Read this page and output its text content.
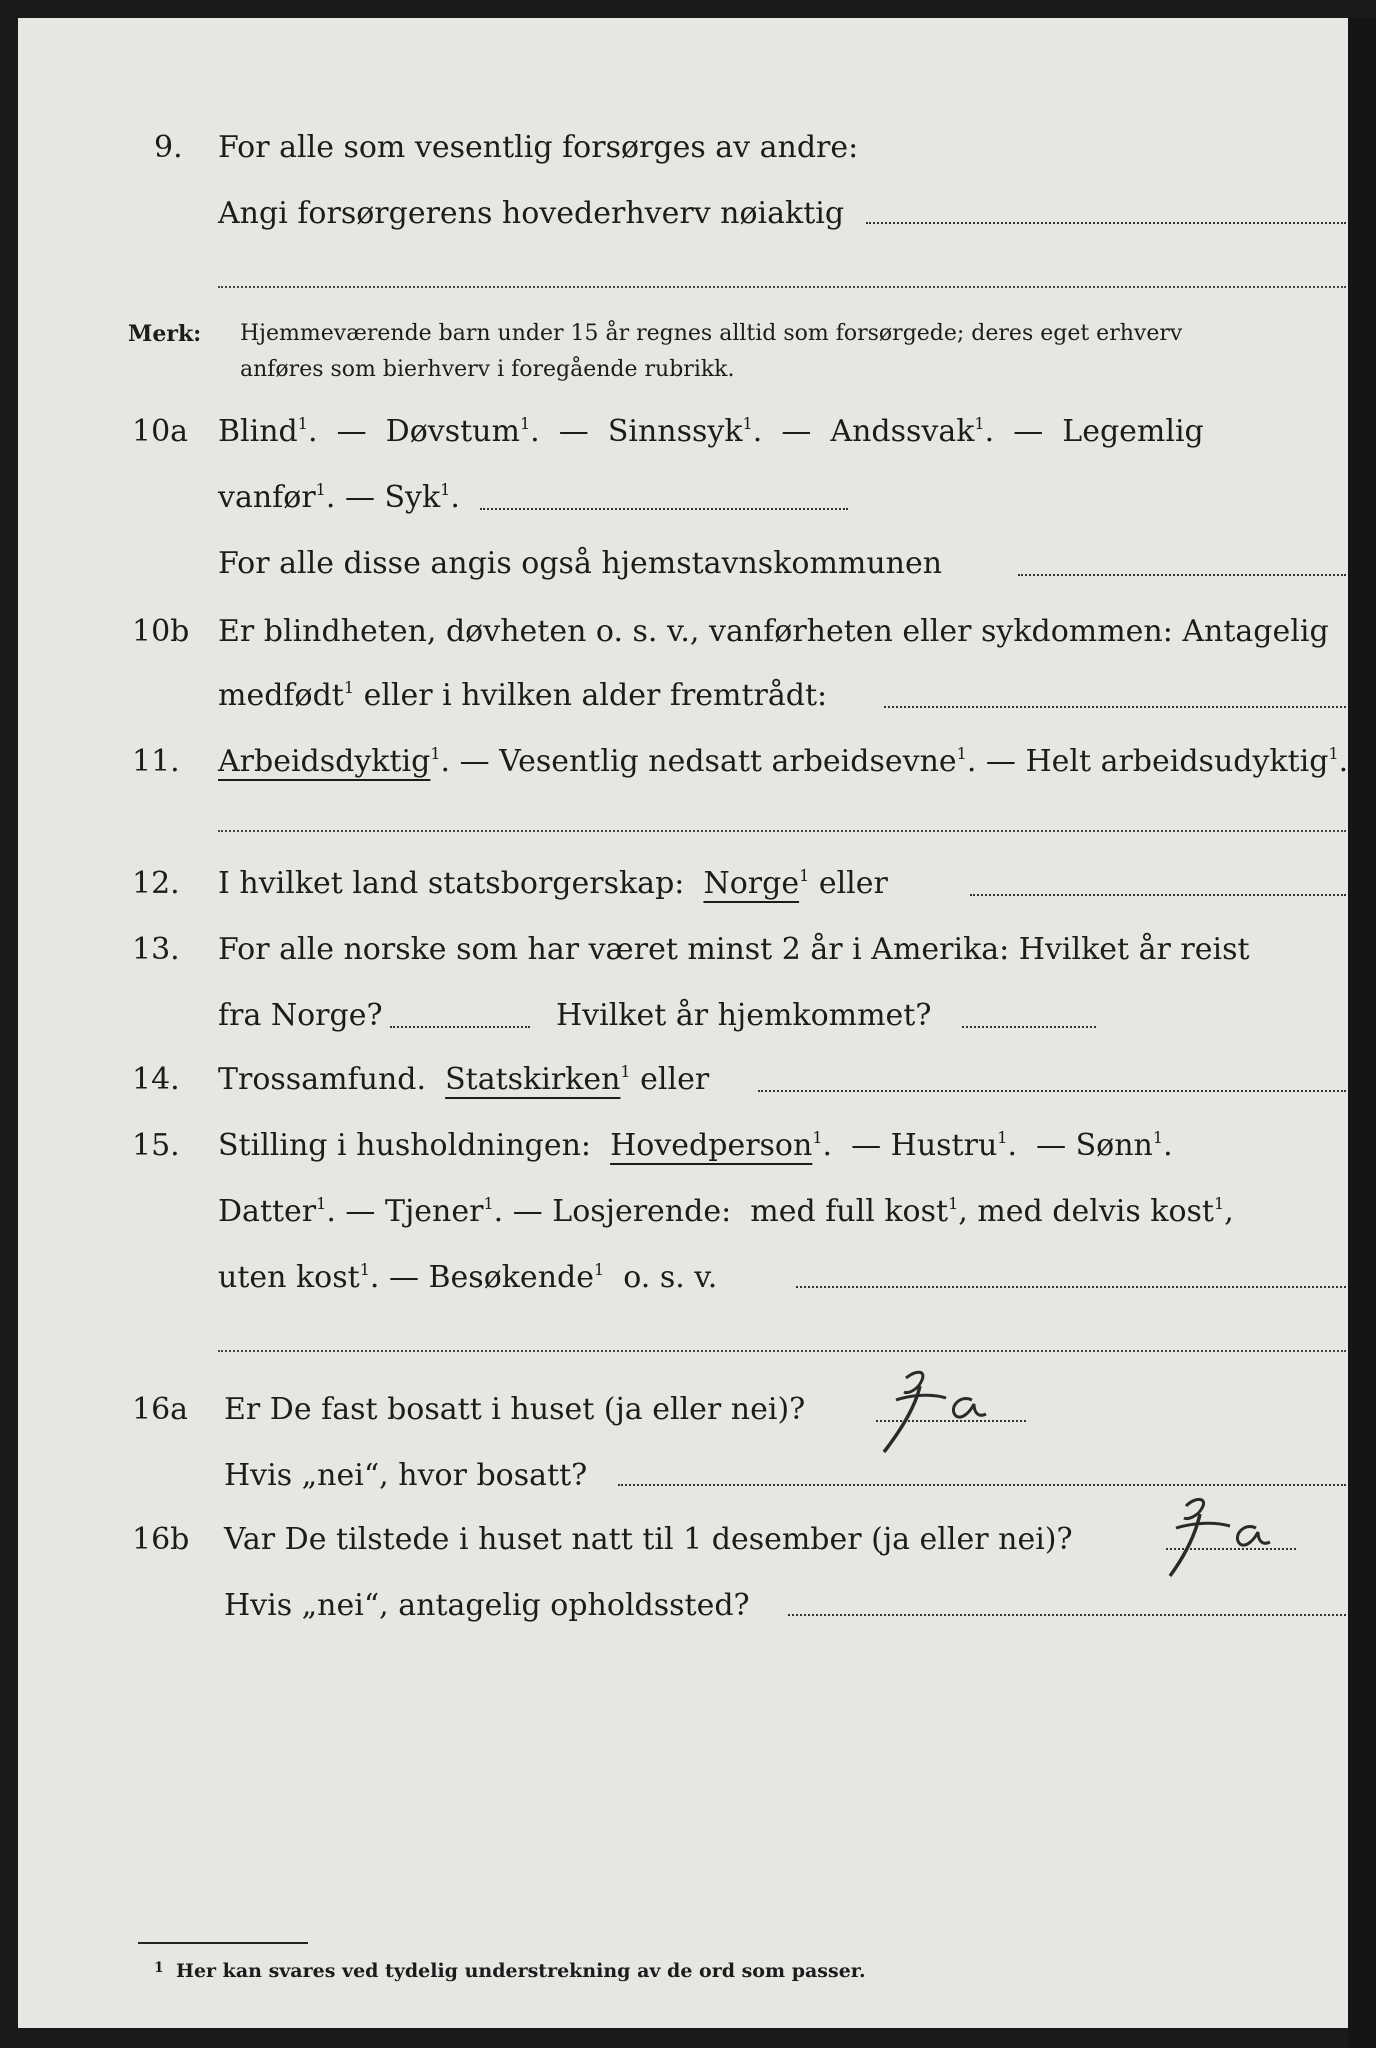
9. For alle som vesentlig forsørges av andre:
Angi forsørgerens hovederhverv nøiaktig
Merk: Hjemmeværende barn under 15 år regnes alltid som forsørgede; deres eget erhverv
anføres som bierhverv i foregående rubrikk.
10a Blind$^1$.  — Døvstum$^1$.  — Sinnssyk$^1$.  — Andssvak$^1$.  — Legemlig
vanfør$^1$. — Syk$^1$.
For alle disse angis også hjemstavnskommunen
10b Er blindheten, døvheten o. s. v., vanførheten eller sykdommen: Antagelig
medfødt$^1$ eller i hvilken alder fremtrådt:
11. Arbeidsdyktig$^1$. — Vesentlig nedsatt arbeidsevne$^1$. — Helt arbeidsudyktig$^1$.
12. I hvilket land statsborgerskap: Norge$^1$ eller
13. For alle norske som har været minst 2 år i Amerika: Hvilket år reist
fra Norge?	Hvilket år hjemkommet?
14. Trossamfund. Statskirken$^1$ eller
15. Stilling i husholdningen: Hovedperson$^1$.  — Hustru$^1$.  — Sønn$^1$.
Datter$^1$. — Tjener$^1$. — Losjerende: med full kost$^1$, med delvis kost$^1$,
uten kost$^1$. — Besøkende$^1$ o. s. v.
16a Er De fast bosatt i huset (ja eller nei)?
Hvis „nei“, hvor bosatt?
16b Var De tilstede i huset natt til 1 desember (ja eller nei)?
Hvis „nei“, antagelig opholdssted?
1 Her kan svares ved tydelig understrekning av de ord som passer.
